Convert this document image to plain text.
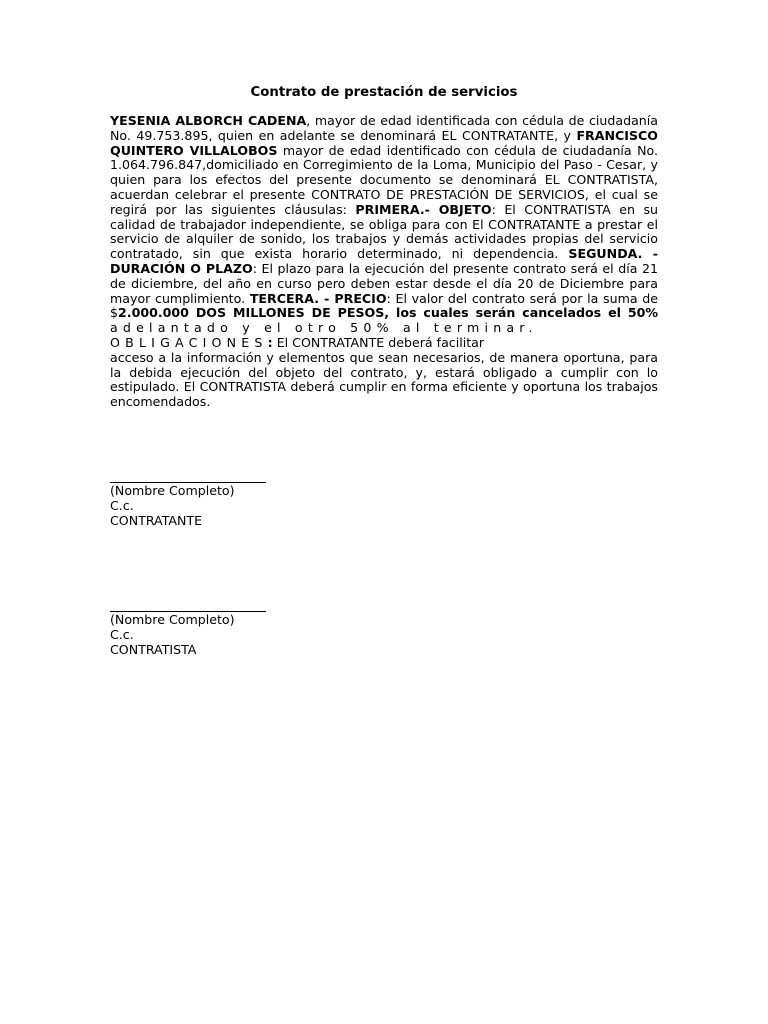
Contrato de prestación de servicios
YESENIA ALBORCH CADENA, mayor de edad identificada con cédula de ciudadanía No. 49.753.895, quien en adelante se denominará EL CONTRATANTE, y FRANCISCO QUINTERO VILLALOBOS mayor de edad identificado con cédula de ciudadanía No. 1.064.796.847,domiciliado en Corregimiento de la Loma, Municipio del Paso - Cesar, y quien para los efectos del presente documento se denominará EL CONTRATISTA, acuerdan celebrar el presente CONTRATO DE PRESTACIÓN DE SERVICIOS, el cual se regirá por las siguientes cláusulas: PRIMERA.- OBJETO: El CONTRATISTA en su calidad de trabajador independiente, se obliga para con El CONTRATANTE a prestar el servicio de alquiler de sonido, los trabajos y demás actividades propias del servicio contratado, sin que exista horario determinado, ni dependencia. SEGUNDA. - DURACIÓN O PLAZO: El plazo para la ejecución del presente contrato será el día 21 de diciembre, del año en curso pero deben estar desde el día 20 de Diciembre para mayor cumplimiento. TERCERA. - PRECIO: El valor del contrato será por la suma de $2.000.000 DOS MILLONES DE PESOS, los cuales serán cancelados el 50% adelantado y el otro 50% al terminar.
OBLIGACIONES: El CONTRATANTE deberá facilitar
acceso a la información y elementos que sean necesarios, de manera oportuna, para la debida ejecución del objeto del contrato, y, estará obligado a cumplir con lo estipulado. El CONTRATISTA deberá cumplir en forma eficiente y oportuna los trabajos encomendados.
(Nombre Completo)
C.c.
CONTRATANTE
(Nombre Completo)
C.c.
CONTRATISTA
